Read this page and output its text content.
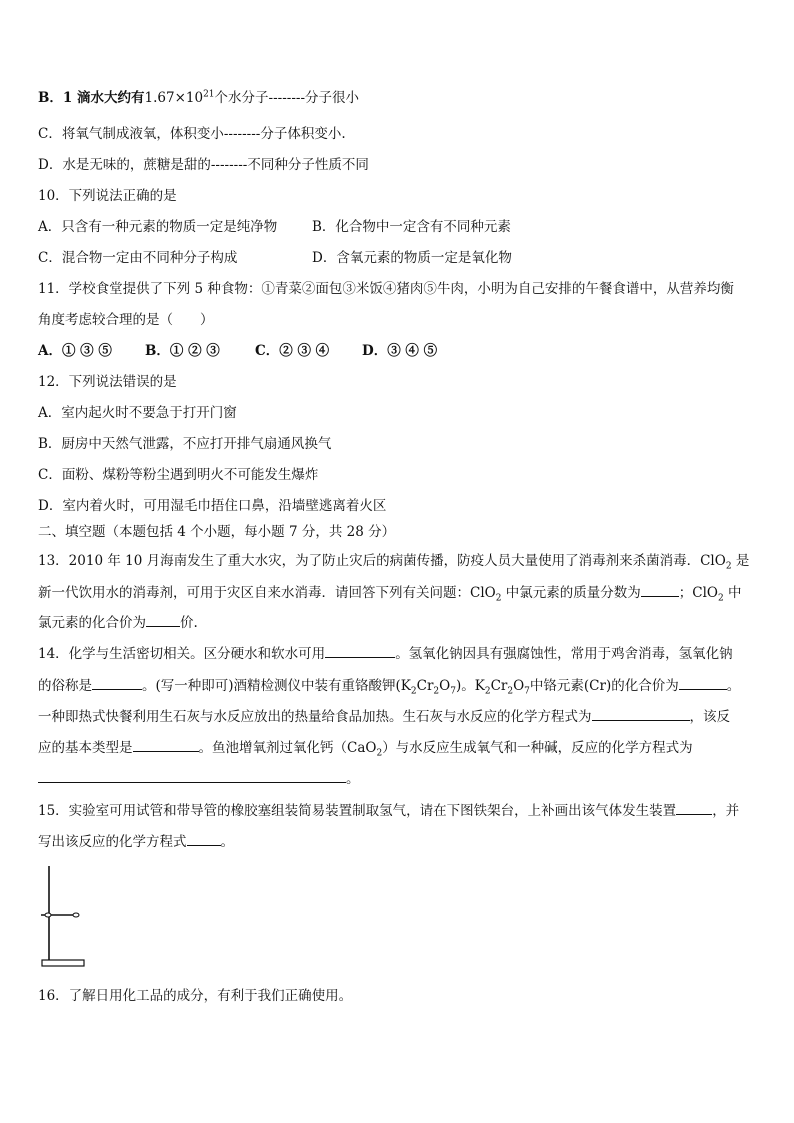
B．1 滴水大约有$1.67\times 10^{21}$个水分子--------分子很小
C．将氧气制成液氧，体积变小--------分子体积变小.
D．水是无味的，蔗糖是甜的--------不同种分子性质不同
10．下列说法正确的是
A．只含有一种元素的物质一定是纯净物	B．化合物中一定含有不同种元素
C．混合物一定由不同种分子构成	D．含氧元素的物质一定是氧化物
11．学校食堂提供了下列 5 种食物：①青菜②面包③米饭④猪肉⑤牛肉，小明为自己安排的午餐食谱中，从营养均衡
角度考虑较合理的是（　　）
A．① ③ ⑤ B．① ② ③	C．② ③ ④ D．③ ④ ⑤
12．下列说法错误的是
A．室内起火时不要急于打开门窗
B．厨房中天然气泄露，不应打开排气扇通风换气
C．面粉、煤粉等粉尘遇到明火不可能发生爆炸
D．室内着火时，可用湿毛巾捂住口鼻，沿墙壁逃离着火区
二、填空题（本题包括 4 个小题，每小题 7 分，共 28 分）
13．2010 年 10 月海南发生了重大水灾，为了防止灾后的病菌传播，防疫人员大量使用了消毒剂来杀菌消毒．ClO$_2$ 是
新一代饮用水的消毒剂，可用于灾区自来水消毒．请回答下列有关问题：ClO$_2$ 中氯元素的质量分数为	；ClO$_2$ 中
氯元素的化合价为	价.
14．化学与生活密切相关。区分硬水和软水可用	。氢氧化钠因具有强腐蚀性，常用于鸡舍消毒，氢氧化钠
的俗称是	。(写一种即可)酒精检测仪中装有重铬酸钾$(K_2Cr_2O_7)$。$K_2Cr_2O_7$中铬元素(Cr)的化合价为	。
一种即热式快餐利用生石灰与水反应放出的热量给食品加热。生石灰与水反应的化学方程式为	，该反
应的基本类型是	。鱼池增氧剂过氧化钙（CaO$_2$）与水反应生成氧气和一种碱，反应的化学方程式为
。
15．实验室可用试管和带导管的橡胶塞组装简易装置制取氢气，请在下图铁架台，上补画出该气体发生装置	，并
写出该反应的化学方程式	。
16．了解日用化工品的成分，有利于我们正确使用。
